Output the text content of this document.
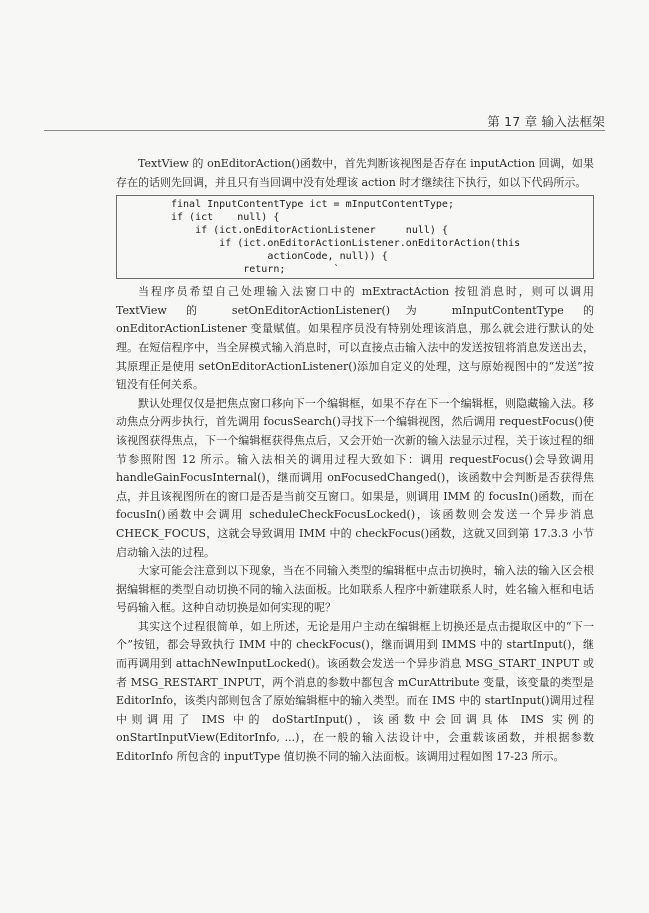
第 17 章 输入法框架

TextView 的 onEditorAction()函数中，首先判断该视图是否存在 inputAction 回调，如果存在的话则先回调，并且只有当回调中没有处理该 action 时才继续往下执行，如以下代码所示。

final InputContentType ict = mInputContentType;
if (ict    null) {
if (ict.onEditorActionListener     null) {
if (ict.onEditorActionListener.onEditorAction(this
actionCode, null)) {
return;        `

当程序员希望自己处理输入法窗口中的 mExtractAction 按钮消息时，则可以调用 TextView 的 setOnEditorActionListener()为 mInputContentType 的 onEditorActionListener 变量赋值。如果程序员没有特别处理该消息，那么就会进行默认的处理。在短信程序中，当全屏模式输入消息时，可以直接点击输入法中的发送按钮将消息发送出去，其原理正是使用 setOnEditorActionListener()添加自定义的处理，这与原始视图中的“发送”按钮没有任何关系。

默认处理仅仅是把焦点窗口移向下一个编辑框，如果不存在下一个编辑框，则隐藏输入法。移动焦点分两步执行，首先调用 focusSearch()寻找下一个编辑视图，然后调用 requestFocus()使该视图获得焦点，下一个编辑框获得焦点后，又会开始一次新的输入法显示过程，关于该过程的细节参照附图 12 所示。输入法相关的调用过程大致如下：调用 requestFocus()会导致调用 handleGainFocusInternal()，继而调用 onFocusedChanged()，该函数中会判断是否获得焦点，并且该视图所在的窗口是否是当前交互窗口。如果是，则调用 IMM 的 focusIn()函数，而在 focusIn()函数中会调用 scheduleCheckFocusLocked()，该函数则会发送一个异步消息 CHECK_FOCUS，这就会导致调用 IMM 中的 checkFocus()函数，这就又回到第 17.3.3 小节启动输入法的过程。

大家可能会注意到以下现象，当在不同输入类型的编辑框中点击切换时，输入法的输入区会根据编辑框的类型自动切换不同的输入法面板。比如联系人程序中新建联系人时，姓名输入框和电话号码输入框。这种自动切换是如何实现的呢？

其实这个过程很简单，如上所述，无论是用户主动在编辑框上切换还是点击提取区中的“下一个”按钮，都会导致执行 IMM 中的 checkFocus()，继而调用到 IMMS 中的 startInput()，继而再调用到 attachNewInputLocked()。该函数会发送一个异步消息 MSG_START_INPUT 或者 MSG_RESTART_INPUT，两个消息的参数中都包含 mCurAttribute 变量，该变量的类型是 EditorInfo，该类内部则包含了原始编辑框中的输入类型。而在 IMS 中的 startInput()调用过程中则调用了 IMS 中的 doStartInput()，该函数中会回调具体 IMS 实例的 onStartInputView(EditorInfo, ...)，在一般的输入法设计中，会重载该函数，并根据参数 EditorInfo 所包含的 inputType 值切换不同的输入法面板。该调用过程如图 17-23 所示。
